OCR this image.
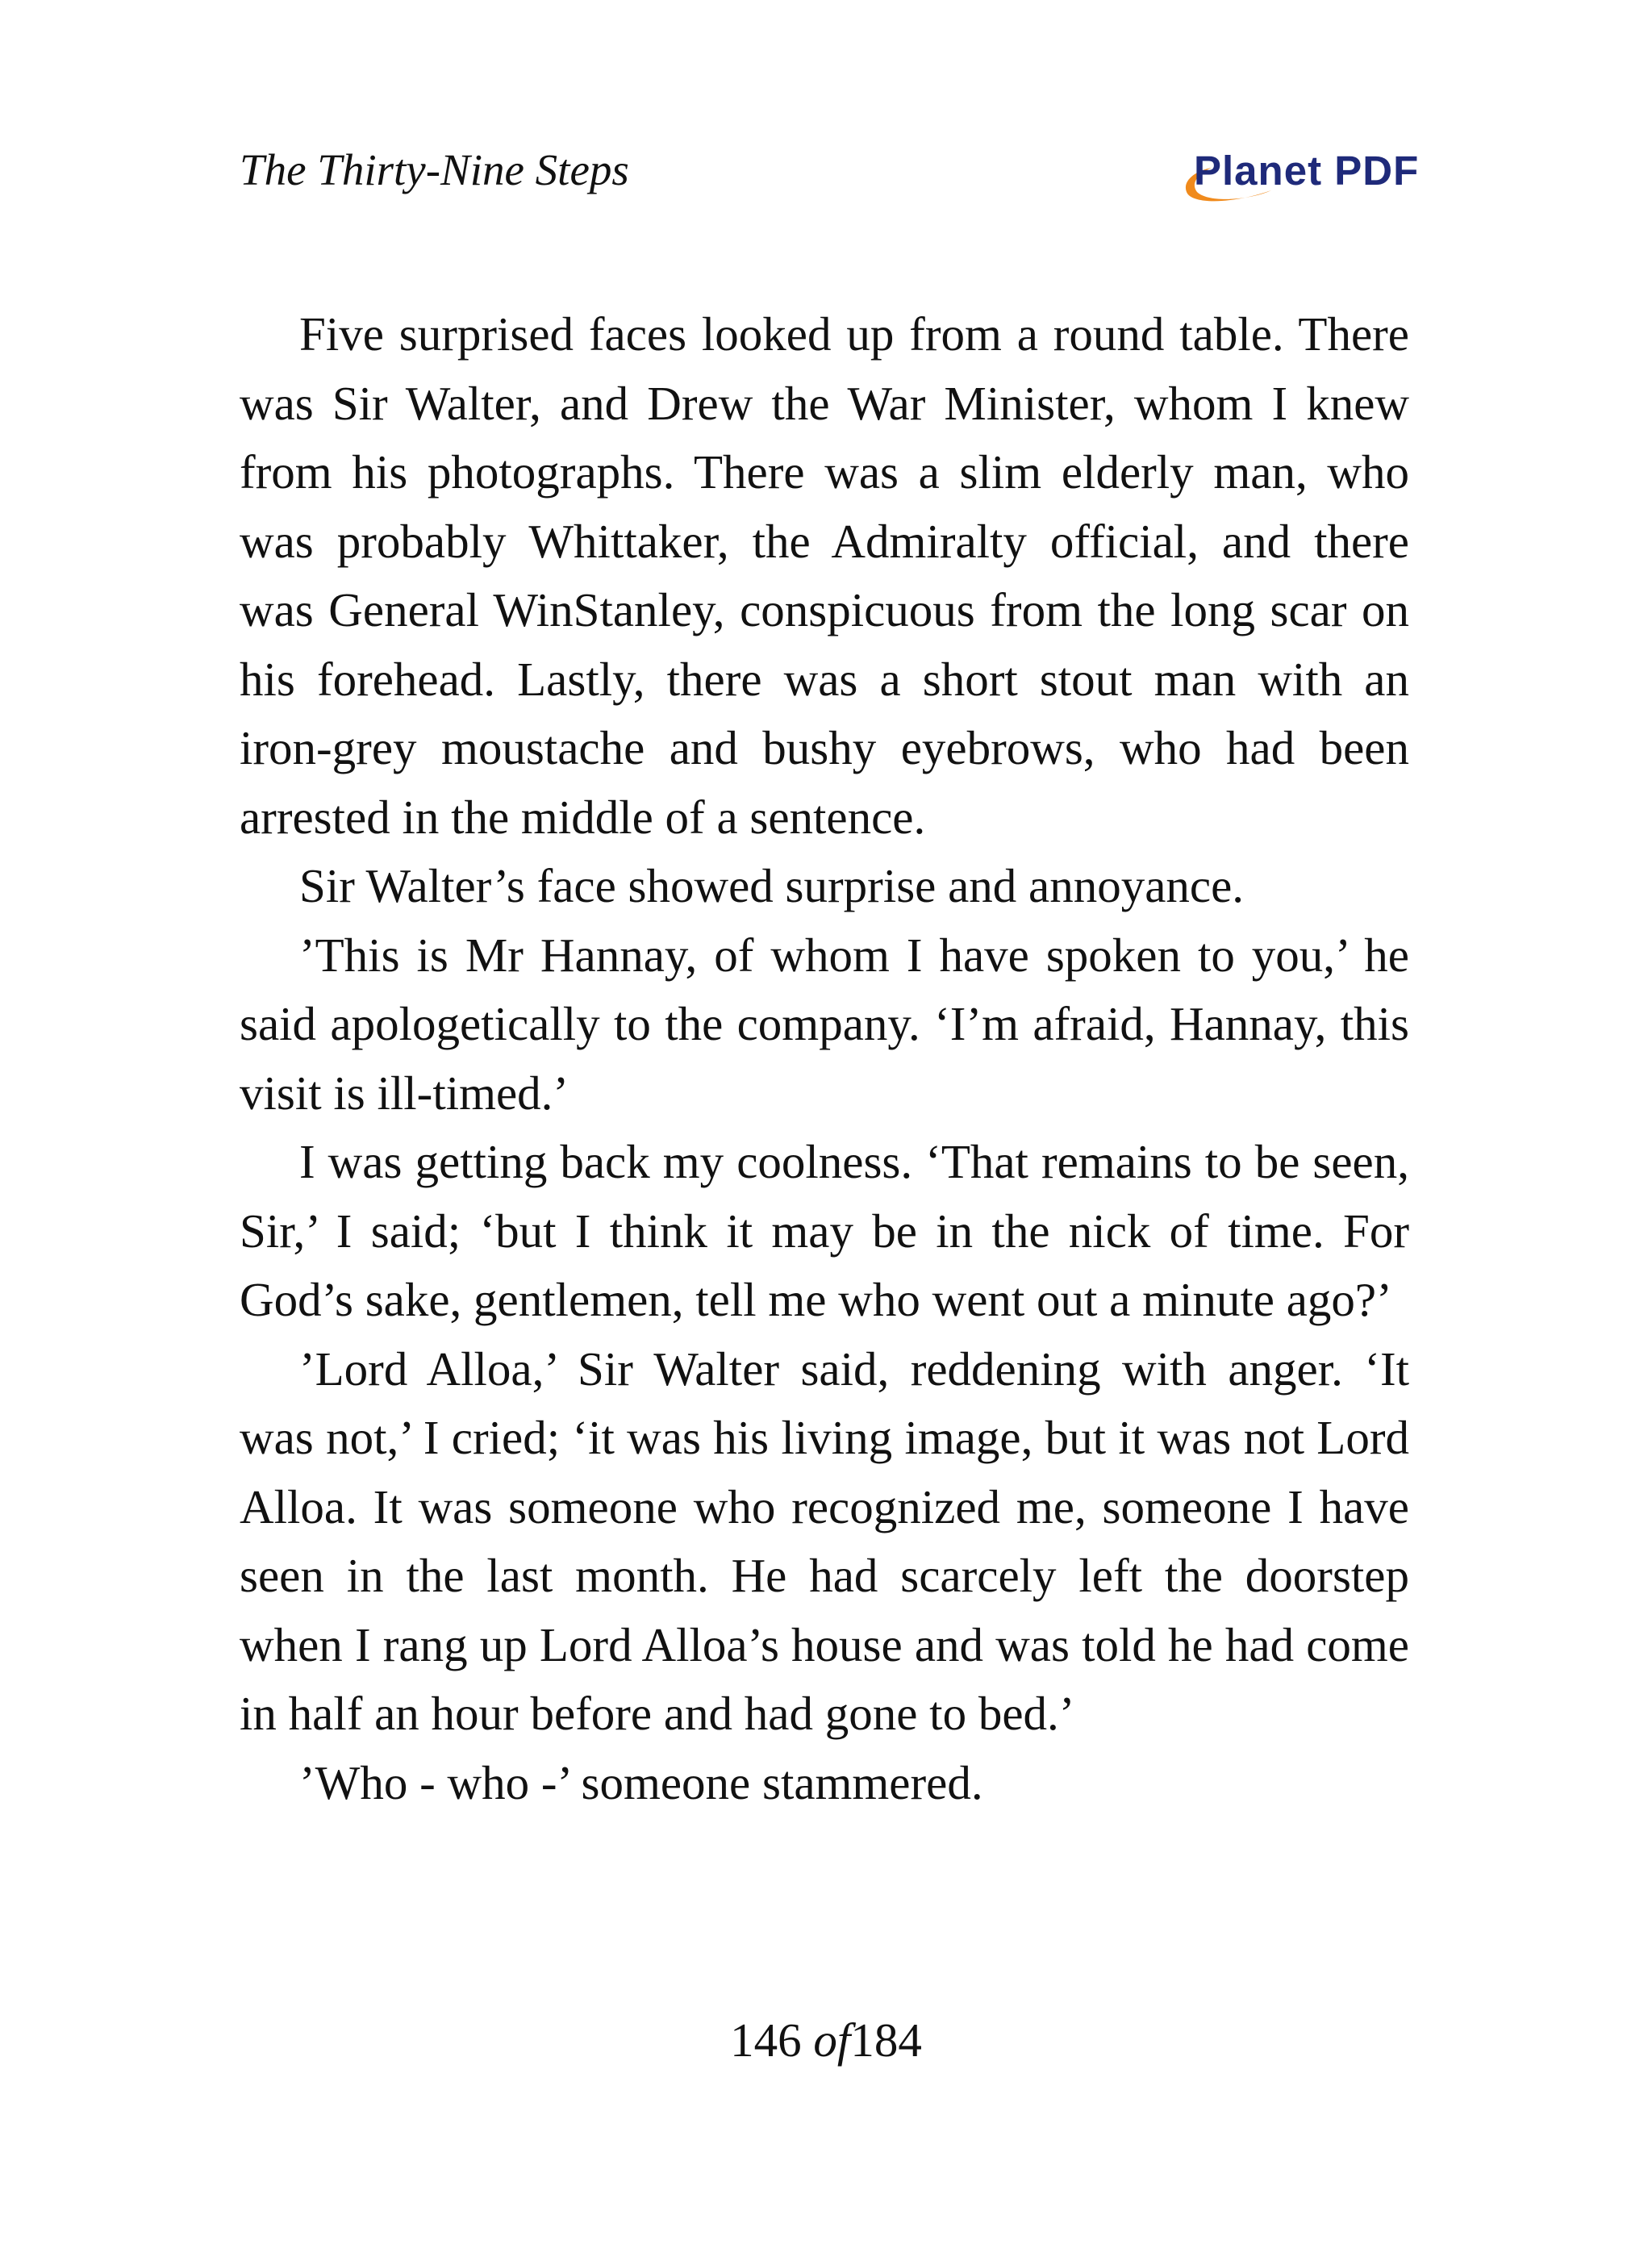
The Thirty-Nine Steps	Planet PDF

Five surprised faces looked up from a round table. There was Sir Walter, and Drew the War Minister, whom I knew from his photographs. There was a slim elderly man, who was probably Whittaker, the Admiralty official, and there was General WinStanley, conspicuous from the long scar on his forehead. Lastly, there was a short stout man with an iron-grey moustache and bushy eyebrows, who had been arrested in the middle of a sentence.

Sir Walter’s face showed surprise and annoyance.

’This is Mr Hannay, of whom I have spoken to you,’ he said apologetically to the company. ‘I’m afraid, Hannay, this visit is ill-timed.’

I was getting back my coolness. ‘That remains to be seen, Sir,’ I said; ‘but I think it may be in the nick of time. For God’s sake, gentlemen, tell me who went out a minute ago?’

’Lord Alloa,’ Sir Walter said, reddening with anger. ‘It was not,’ I cried; ‘it was his living image, but it was not Lord Alloa. It was someone who recognized me, someone I have seen in the last month. He had scarcely left the doorstep when I rang up Lord Alloa’s house and was told he had come in half an hour before and had gone to bed.’

’Who - who -’ someone stammered.

146 of184
